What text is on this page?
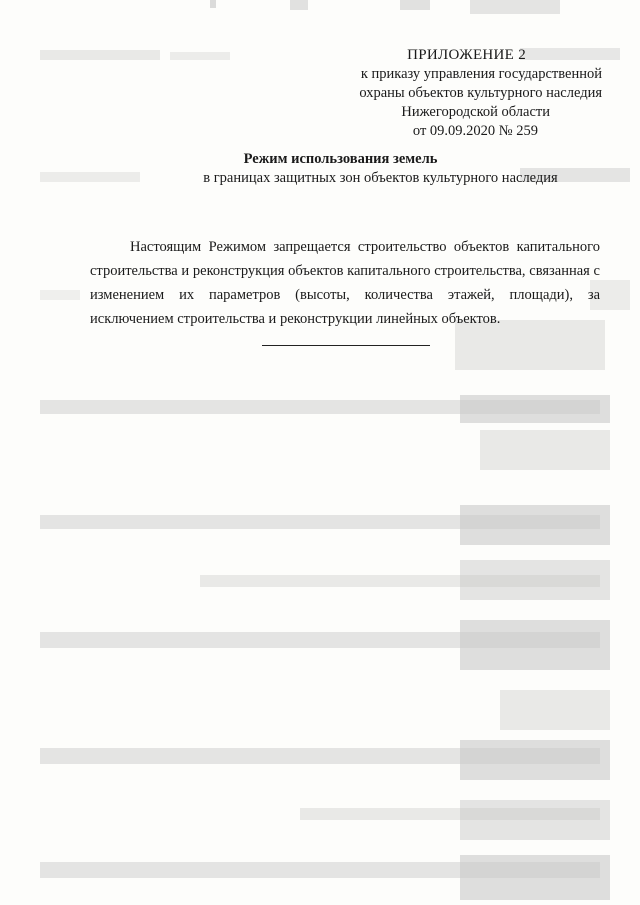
ПРИЛОЖЕНИЕ 2
к приказу управления государственной
охраны объектов культурного наследия
Нижегородской области
от 09.09.2020 № 259
Режим использования земель
в границах защитных зон объектов культурного наследия

Настоящим Режимом запрещается строительство объектов капитального строительства и реконструкция объектов капитального строительства, связанная с изменением их параметров (высоты, количества этажей, площади), за исключением строительства и реконструкции линейных объектов.
